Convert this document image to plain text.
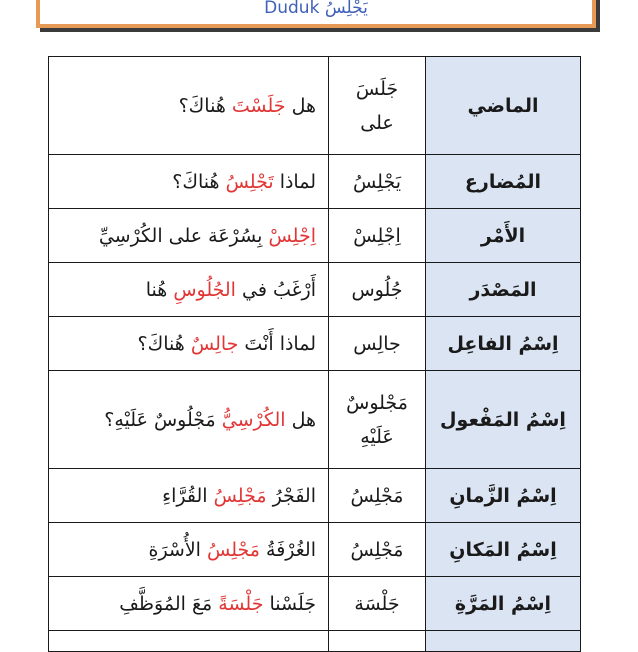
يَجْلِسُ Duduk
الماضي	جَلَسَ على	هل جَلَسْتَ هُناكَ؟
المُضارع	يَجْلِسُ	لماذا تَجْلِسُ هُناكَ؟
الأَمْر	اِجْلِسْ	اِجْلِسْ بِسُرْعَة على الكُرْسِيِّ
المَصْدَر	جُلُوس	أَرْغَبُ في الجُلُوسِ هُنا
اِسْمُ الفاعِل	جالِس	لماذا أَنْتَ جالِسٌ هُناكَ؟
اِسْمُ المَفْعول	مَجْلوسٌ عَلَيْهِ	هل الكُرْسِيُّ مَجْلُوسٌ عَلَيْهِ؟
اِسْمُ الزَّمانِ	مَجْلِسُ	الفَجْرُ مَجْلِسُ القُرَّاءِ
اِسْمُ المَكانِ	مَجْلِسُ	الغُرْفَةُ مَجْلِسُ الأُسْرَةِ
اِسْمُ المَرَّةِ	جَلْسَة	جَلَسْنا جَلْسَةً مَعَ المُوَظَّفِ
